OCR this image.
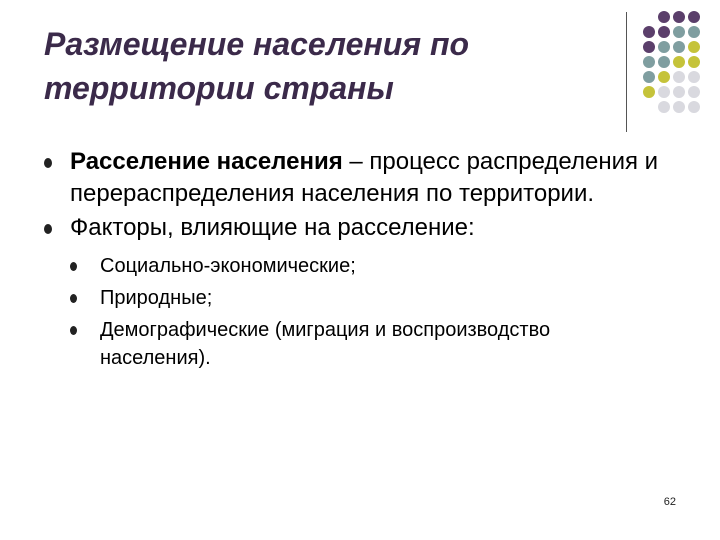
Размещение населения по территории страны
Расселение населения – процесс распределения и перераспределения населения по территории.
Факторы, влияющие на расселение:
Социально-экономические;
Природные;
Демографические (миграция и воспроизводство населения).
62
